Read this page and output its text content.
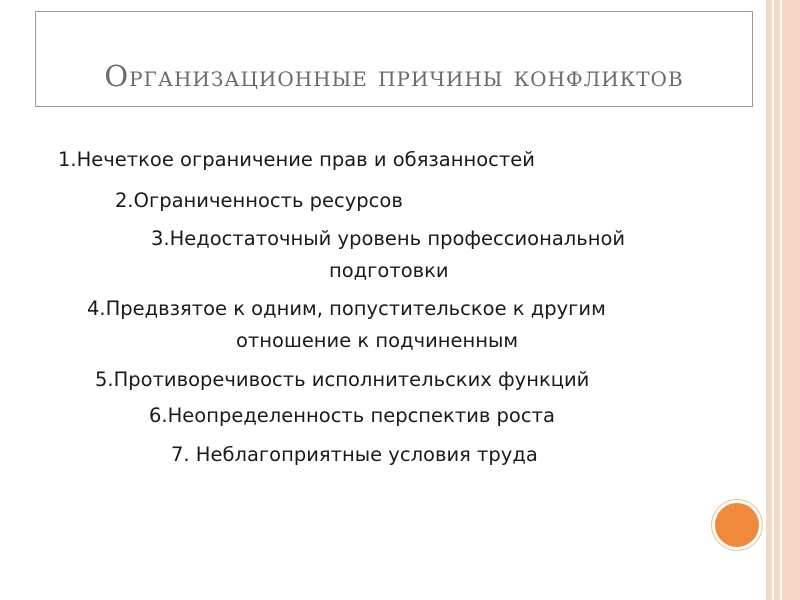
Организационные причины конфликтов
1.Нечеткое ограничение прав и обязанностей
2.Ограниченность ресурсов
3.Недостаточный уровень профессиональной
подготовки
4.Предвзятое к одним, попустительское к другим
отношение к подчиненным
5.Противоречивость исполнительских функций
6.Неопределенность перспектив роста
7. Неблагоприятные условия труда
